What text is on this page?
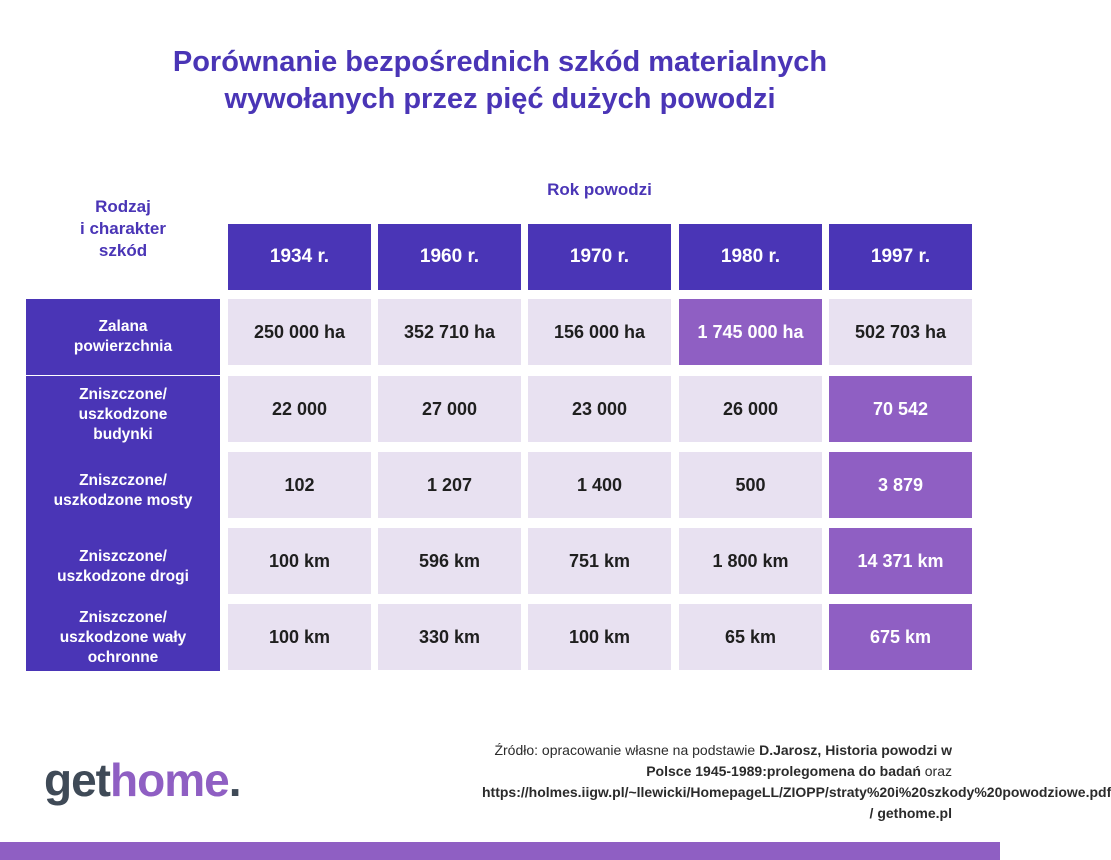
Porównanie bezpośrednich szkód materialnych
wywołanych przez pięć dużych powodzi
Rodzaj
i charakter
szkód
Rok powodzi
1934 r.	1960 r.	1970 r.	1980 r.	1997 r.
Zalana
powierzchnia
250 000 ha	352 710 ha	156 000 ha	1 745 000 ha	502 703 ha
Zniszczone/
uszkodzone
budynki
22 000	27 000	23 000	26 000	70 542
Zniszczone/
uszkodzone mosty
102	1 207	1 400	500	3 879
Zniszczone/
uszkodzone drogi
100 km	596 km	751 km	1 800 km	14 371 km
Zniszczone/
uszkodzone wały
ochronne
100 km	330 km	100 km	65 km	675 km
gethome.
Źródło: opracowanie własne na podstawie D.Jarosz, Historia powodzi w Polsce 1945-1989:prolegomena do badań oraz https://holmes.iigw.pl/~llewicki/HomepageLL/ZIOPP/straty%20i%20szkody%20powodziowe.pdf / gethome.pl
